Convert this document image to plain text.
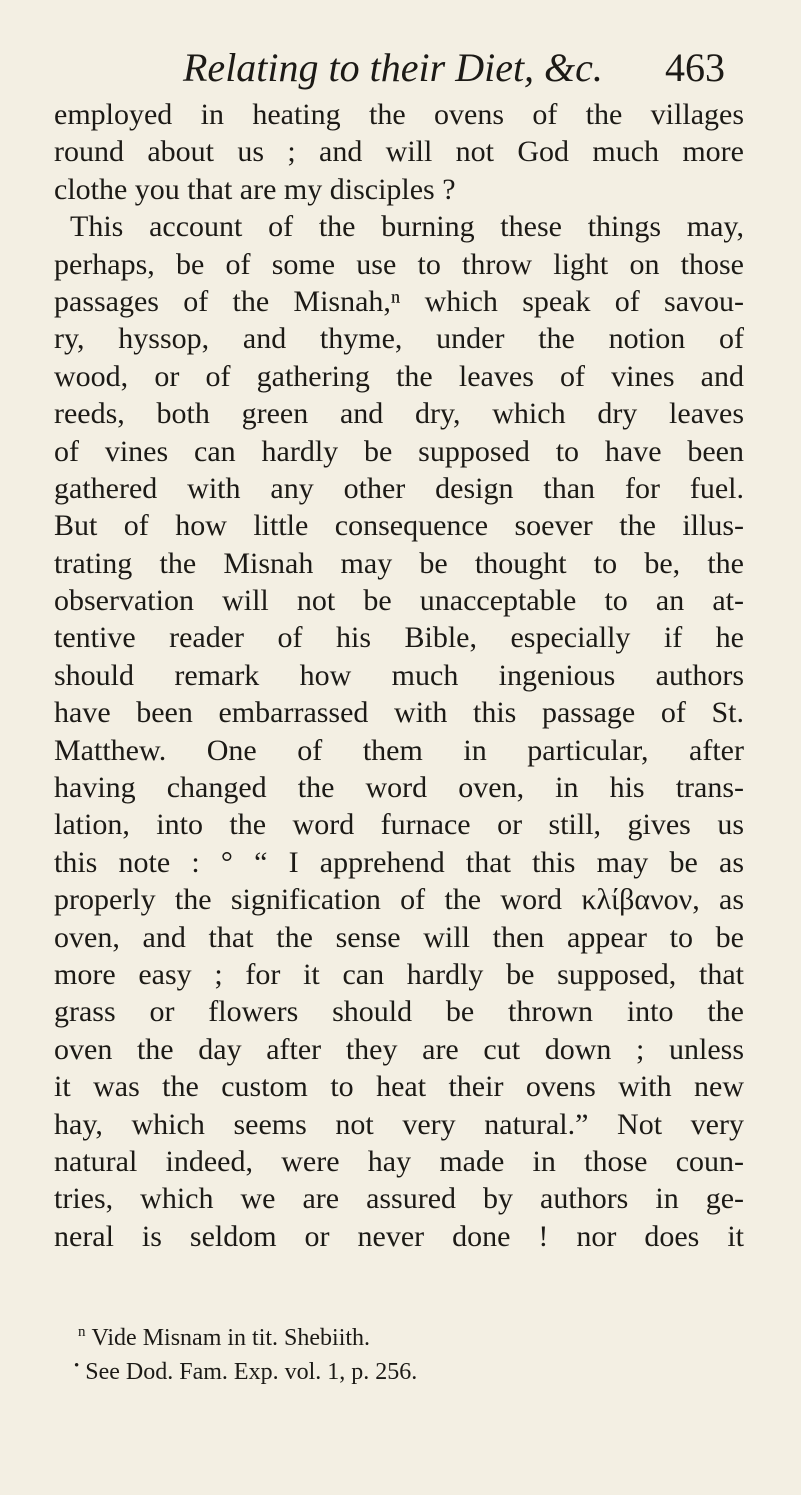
Relating to their Diet, &c. 463
employed in heating the ovens of the villages
round about us ; and will not God much more
clothe you that are my disciples ?
This account of the burning these things may,
perhaps, be of some use to throw light on those
passages of the Misnah,ⁿ which speak of savou-
ry, hyssop, and thyme, under the notion of
wood, or of gathering the leaves of vines and
reeds, both green and dry, which dry leaves
of vines can hardly be supposed to have been
gathered with any other design than for fuel.
But of how little consequence soever the illus-
trating the Misnah may be thought to be, the
observation will not be unacceptable to an at-
tentive reader of his Bible, especially if he
should remark how much ingenious authors
have been embarrassed with this passage of St.
Matthew. One of them in particular, after
having changed the word oven, in his trans-
lation, into the word furnace or still, gives us
this note : ° “ I apprehend that this may be as
properly the signification of the word κλίβανον, as
oven, and that the sense will then appear to be
more easy ; for it can hardly be supposed, that
grass or flowers should be thrown into the
oven the day after they are cut down ; unless
it was the custom to heat their ovens with new
hay, which seems not very natural.” Not very
natural indeed, were hay made in those coun-
tries, which we are assured by authors in ge-
neral is seldom or never done ! nor does it
$^n$ Vide Misnam in tit. Shebiith.
• See Dod. Fam. Exp. vol. 1, p. 256.
